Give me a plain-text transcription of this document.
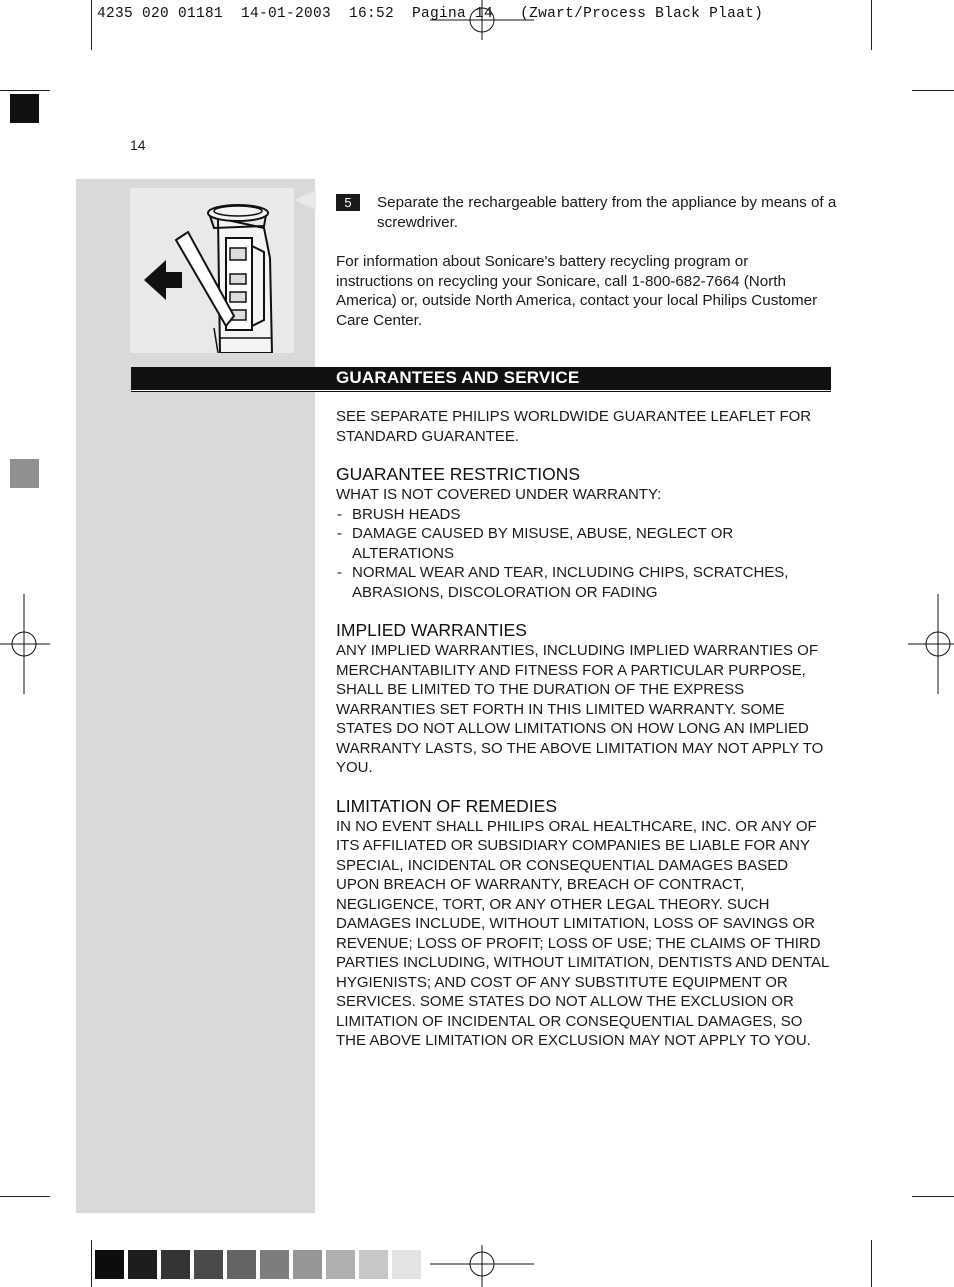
4235 020 01181  14-01-2003  16:52  Pagina 14   (Zwart/Process Black Plaat)
14
5	Separate the rechargeable battery from the appliance by means of a screwdriver.
For information about Sonicare's battery recycling program or instructions on recycling your Sonicare, call 1-800-682-7664 (North America) or, outside North America, contact your local Philips Customer Care Center.
GUARANTEES AND SERVICE
SEE SEPARATE PHILIPS WORLDWIDE GUARANTEE LEAFLET FOR STANDARD GUARANTEE.
GUARANTEE RESTRICTIONS
WHAT IS NOT COVERED UNDER WARRANTY:
- BRUSH HEADS
- DAMAGE CAUSED BY MISUSE, ABUSE, NEGLECT OR ALTERATIONS
- NORMAL WEAR AND TEAR, INCLUDING CHIPS, SCRATCHES, ABRASIONS, DISCOLORATION OR FADING
IMPLIED WARRANTIES
ANY IMPLIED WARRANTIES, INCLUDING IMPLIED WARRANTIES OF MERCHANTABILITY AND FITNESS FOR A PARTICULAR PURPOSE, SHALL BE LIMITED TO THE DURATION OF THE EXPRESS WARRANTIES SET FORTH IN THIS LIMITED WARRANTY. SOME STATES DO NOT ALLOW LIMITATIONS ON HOW LONG AN IMPLIED WARRANTY LASTS, SO THE ABOVE LIMITATION MAY NOT APPLY TO YOU.
LIMITATION OF REMEDIES
IN NO EVENT SHALL PHILIPS ORAL HEALTHCARE, INC. OR ANY OF ITS AFFILIATED OR SUBSIDIARY COMPANIES BE LIABLE FOR ANY SPECIAL, INCIDENTAL OR CONSEQUENTIAL DAMAGES BASED UPON BREACH OF WARRANTY, BREACH OF CONTRACT, NEGLIGENCE, TORT, OR ANY OTHER LEGAL THEORY. SUCH DAMAGES INCLUDE, WITHOUT LIMITATION, LOSS OF SAVINGS OR REVENUE; LOSS OF PROFIT; LOSS OF USE; THE CLAIMS OF THIRD PARTIES INCLUDING, WITHOUT LIMITATION, DENTISTS AND DENTAL HYGIENISTS; AND COST OF ANY SUBSTITUTE EQUIPMENT OR SERVICES. SOME STATES DO NOT ALLOW THE EXCLUSION OR LIMITATION OF INCIDENTAL OR CONSEQUENTIAL DAMAGES, SO THE ABOVE LIMITATION OR EXCLUSION MAY NOT APPLY TO YOU.
